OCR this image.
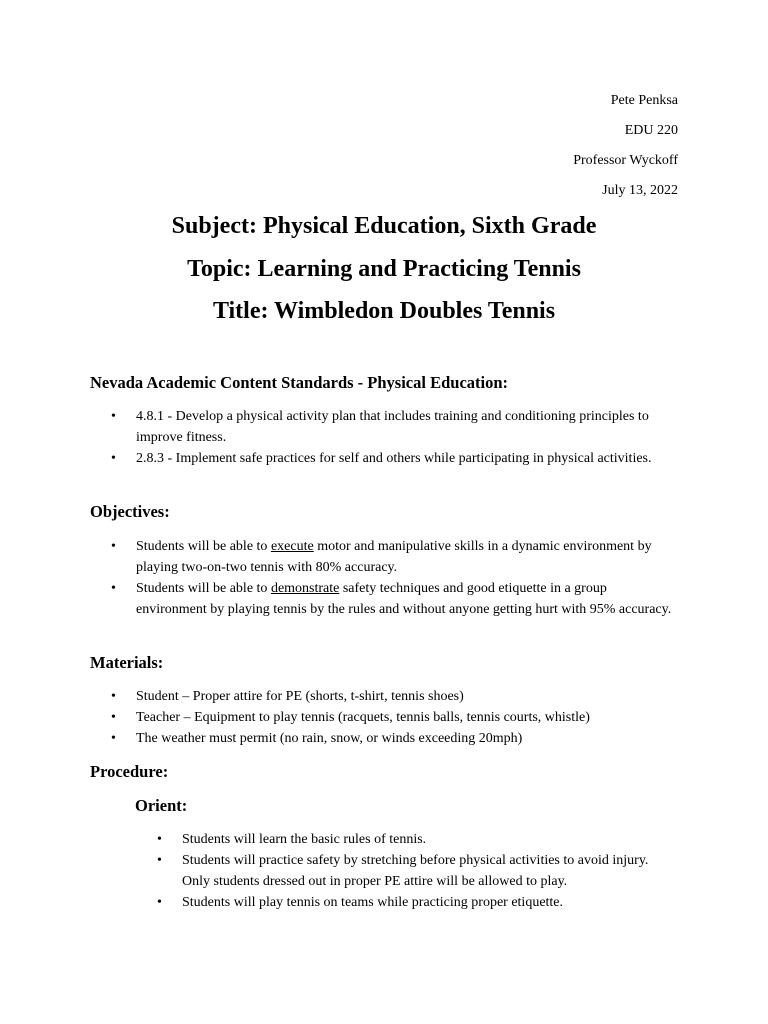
Pete Penksa

EDU 220

Professor Wyckoff

July 13, 2022

Subject: Physical Education, Sixth Grade
Topic: Learning and Practicing Tennis
Title: Wimbledon Doubles Tennis
Nevada Academic Content Standards - Physical Education:
• 4.8.1 - Develop a physical activity plan that includes training and conditioning principles to improve fitness.
• 2.8.3 - Implement safe practices for self and others while participating in physical activities.
Objectives:
• Students will be able to execute motor and manipulative skills in a dynamic environment by playing two-on-two tennis with 80% accuracy.
• Students will be able to demonstrate safety techniques and good etiquette in a group environment by playing tennis by the rules and without anyone getting hurt with 95% accuracy.
Materials:
• Student – Proper attire for PE (shorts, t-shirt, tennis shoes)
• Teacher – Equipment to play tennis (racquets, tennis balls, tennis courts, whistle)
• The weather must permit (no rain, snow, or winds exceeding 20mph)
Procedure:
Orient:
• Students will learn the basic rules of tennis.
• Students will practice safety by stretching before physical activities to avoid injury. Only students dressed out in proper PE attire will be allowed to play.
• Students will play tennis on teams while practicing proper etiquette.
